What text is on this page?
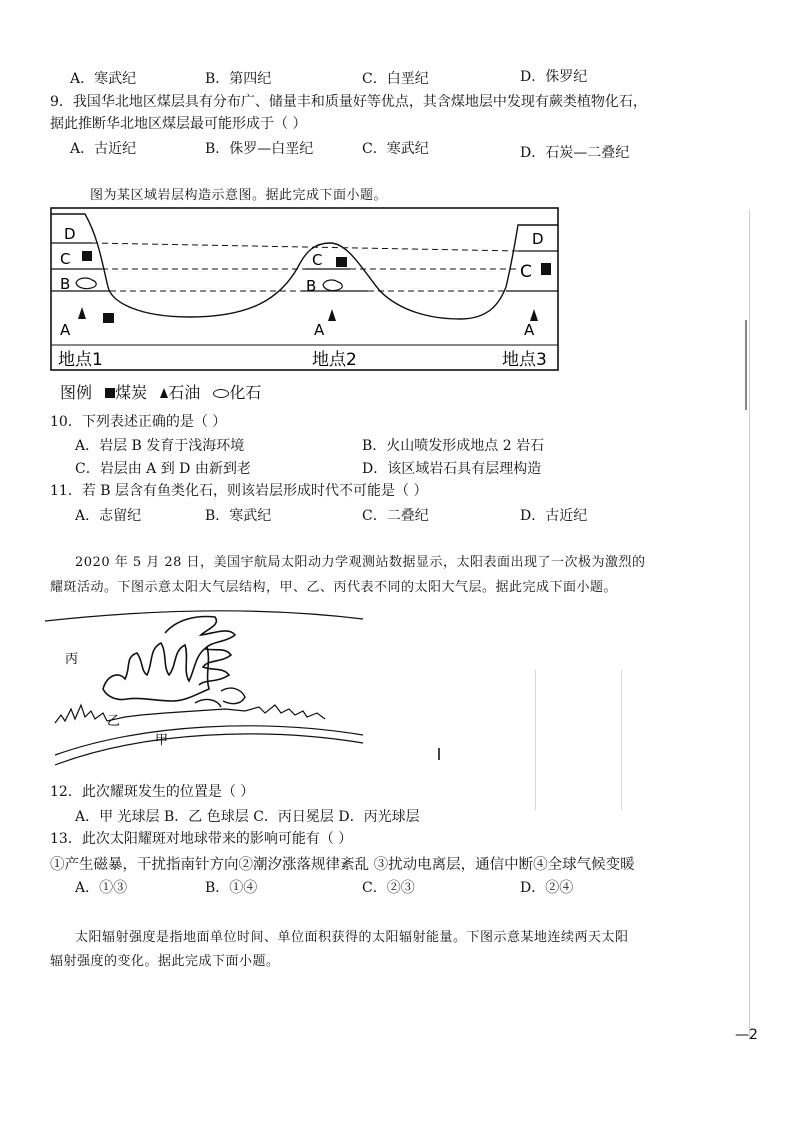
A．寒武纪	B．第四纪	C．白垩纪	D．侏罗纪
9．我国华北地区煤层具有分布广、储量丰和质量好等优点，其含煤地层中发现有蕨类植物化石，
据此推断华北地区煤层最可能形成于（ ）
A．古近纪	B．侏罗—白垩纪	C．寒武纪	D．石炭—二叠纪
图为某区域岩层构造示意图。据此完成下面小题。
D
C
B
A
C
B
A
D
C
A
地点1	地点2	地点3
图例 煤炭 石油 化石
10．下列表述正确的是（ ）
A．岩层 B 发育于浅海环境	B．火山喷发形成地点 2 岩石
C．岩层由 A 到 D 由新到老	D．该区域岩石具有层理构造
11．若 B 层含有鱼类化石，则该岩层形成时代不可能是（ ）
A．志留纪	B．寒武纪	C．二叠纪	D．古近纪
2020 年 5 月 28 日，美国宇航局太阳动力学观测站数据显示，太阳表面出现了一次极为激烈的
耀斑活动。下图示意太阳大气层结构，甲、乙、丙代表不同的太阳大气层。据此完成下面小题。
丙
乙
甲
12．此次耀斑发生的位置是（ ）
A．甲 光球层 B．乙 色球层 C．丙日冕层 D．丙光球层
13．此次太阳耀斑对地球带来的影响可能有（ ）
①产生磁暴，干扰指南针方向②潮汐涨落规律紊乱 ③扰动电离层，通信中断④全球气候变暖
A．①③	B．①④	C．②③	D．②④
太阳辐射强度是指地面单位时间、单位面积获得的太阳辐射能量。下图示意某地连续两天太阳
辐射强度的变化。据此完成下面小题。
—2
